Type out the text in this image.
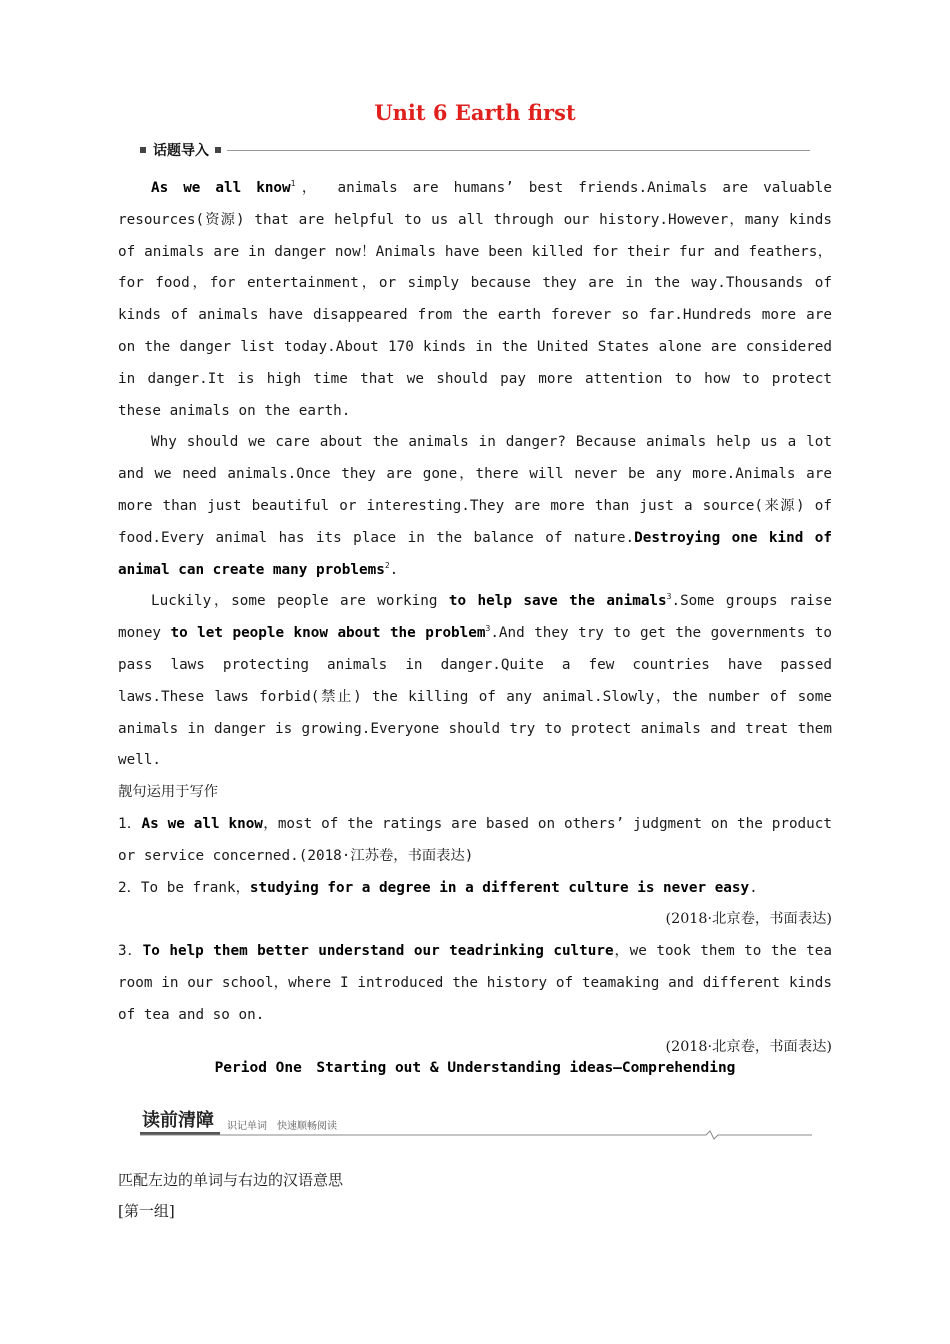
Unit 6 Earth first
话题导入

As we all know$^1$， animals are humans’ best friends.Animals are valuable resources(资源) that are helpful to us all through our history.However，many kinds of animals are in danger now！Animals have been killed for their fur and feathers，for food，for entertainment，or simply because they are in the way.Thousands of kinds of animals have disappeared from the earth forever so far.Hundreds more are on the danger list today.About 170 kinds in the United States alone are considered in danger.It is high time that we should pay more attention to how to protect these animals on the earth.

Why should we care about the animals in danger? Because animals help us a lot and we need animals.Once they are gone，there will never be any more.Animals are more than just beautiful or interesting.They are more than just a source(来源) of food.Every animal has its place in the balance of nature.Destroying one kind of animal can create many problems$^2$.

Luckily，some people are working to help save the animals$^3$.Some groups raise money to let people know about the problem$^3$.And they try to get the governments to pass laws protecting animals in danger.Quite a few countries have passed laws.These laws forbid(禁止) the killing of any animal.Slowly，the number of some animals in danger is growing.Everyone should try to protect animals and treat them well.

靓句运用于写作

1．As we all know，most of the ratings are based on others’ judgment on the product or service concerned.(2018·江苏卷，书面表达)

2．To be frank，studying for a degree in a different culture is never easy.

(2018·北京卷，书面表达)

3．To help them better understand our teadrinking culture，we took them to the tea room in our school，where I introduced the history of teamaking and different kinds of tea and so on.

(2018·北京卷，书面表达)

Period One　Starting out & Understanding ideas—Comprehending
读前清障 识记单词　快速顺畅阅读

匹配左边的单词与右边的汉语意思

[第一组]
